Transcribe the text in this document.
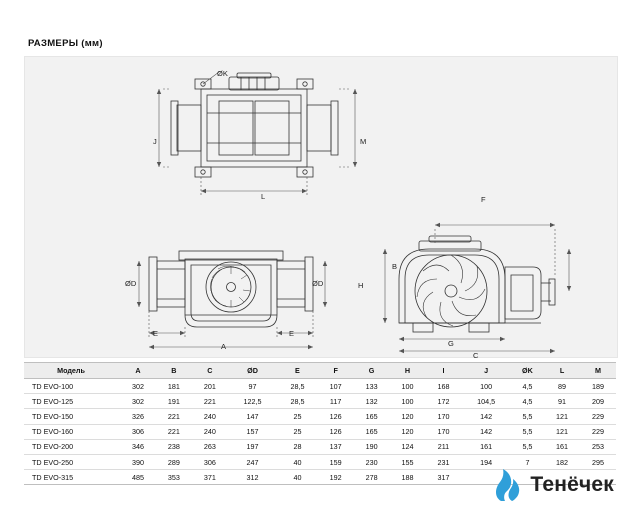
РАЗМЕРЫ (мм)
ØK
J	M
L
ØD	ØD
E	E
A
F
B
H
G
C
Модель	A	B	C	ØD	E	F	G	H	I	J	ØK	L	M
TD EVO-100	302	181	201	97	28,5	107	133	100	168	100	4,5	89	189
TD EVO-125	302	191	221	122,5	28,5	117	132	100	172	104,5	4,5	91	209
TD EVO-150	326	221	240	147	25	126	165	120	170	142	5,5	121	229
TD EVO-160	306	221	240	157	25	126	165	120	170	142	5,5	121	229
TD EVO-200	346	238	263	197	28	137	190	124	211	161	5,5	161	253
TD EVO-250	390	289	306	247	40	159	230	155	231	194	7	182	295
TD EVO-315	485	353	371	312	40	192	278	188	317					Тенёчек
